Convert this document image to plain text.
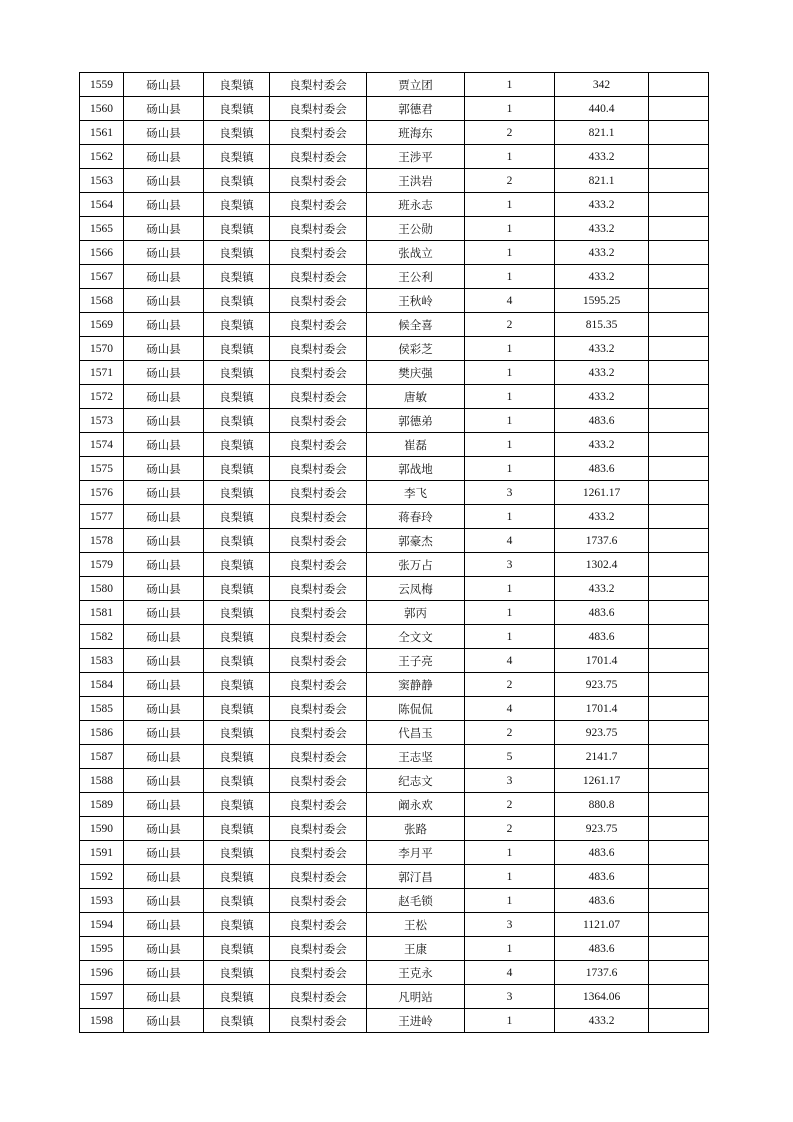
1559	砀山县	良梨镇	良梨村委会	贾立团	1	342	
1560	砀山县	良梨镇	良梨村委会	郭德君	1	440.4	
1561	砀山县	良梨镇	良梨村委会	班海东	2	821.1	
1562	砀山县	良梨镇	良梨村委会	王涉平	1	433.2	
1563	砀山县	良梨镇	良梨村委会	王洪岩	2	821.1	
1564	砀山县	良梨镇	良梨村委会	班永志	1	433.2	
1565	砀山县	良梨镇	良梨村委会	王公勋	1	433.2	
1566	砀山县	良梨镇	良梨村委会	张战立	1	433.2	
1567	砀山县	良梨镇	良梨村委会	王公利	1	433.2	
1568	砀山县	良梨镇	良梨村委会	王秋岭	4	1595.25	
1569	砀山县	良梨镇	良梨村委会	候全喜	2	815.35	
1570	砀山县	良梨镇	良梨村委会	侯彩芝	1	433.2	
1571	砀山县	良梨镇	良梨村委会	樊庆强	1	433.2	
1572	砀山县	良梨镇	良梨村委会	唐敏	1	433.2	
1573	砀山县	良梨镇	良梨村委会	郭德弟	1	483.6	
1574	砀山县	良梨镇	良梨村委会	崔磊	1	433.2	
1575	砀山县	良梨镇	良梨村委会	郭战地	1	483.6	
1576	砀山县	良梨镇	良梨村委会	李飞	3	1261.17	
1577	砀山县	良梨镇	良梨村委会	蒋春玲	1	433.2	
1578	砀山县	良梨镇	良梨村委会	郭豪杰	4	1737.6	
1579	砀山县	良梨镇	良梨村委会	张万占	3	1302.4	
1580	砀山县	良梨镇	良梨村委会	云凤梅	1	433.2	
1581	砀山县	良梨镇	良梨村委会	郭丙	1	483.6	
1582	砀山县	良梨镇	良梨村委会	仝文文	1	483.6	
1583	砀山县	良梨镇	良梨村委会	王子亮	4	1701.4	
1584	砀山县	良梨镇	良梨村委会	窦静静	2	923.75	
1585	砀山县	良梨镇	良梨村委会	陈侃侃	4	1701.4	
1586	砀山县	良梨镇	良梨村委会	代昌玉	2	923.75	
1587	砀山县	良梨镇	良梨村委会	王志坚	5	2141.7	
1588	砀山县	良梨镇	良梨村委会	纪志文	3	1261.17	
1589	砀山县	良梨镇	良梨村委会	阚永欢	2	880.8	
1590	砀山县	良梨镇	良梨村委会	张路	2	923.75	
1591	砀山县	良梨镇	良梨村委会	李月平	1	483.6	
1592	砀山县	良梨镇	良梨村委会	郭汀昌	1	483.6	
1593	砀山县	良梨镇	良梨村委会	赵毛锁	1	483.6	
1594	砀山县	良梨镇	良梨村委会	王松	3	1121.07	
1595	砀山县	良梨镇	良梨村委会	王康	1	483.6	
1596	砀山县	良梨镇	良梨村委会	王克永	4	1737.6	
1597	砀山县	良梨镇	良梨村委会	凡明站	3	1364.06	
1598	砀山县	良梨镇	良梨村委会	王进岭	1	433.2	
